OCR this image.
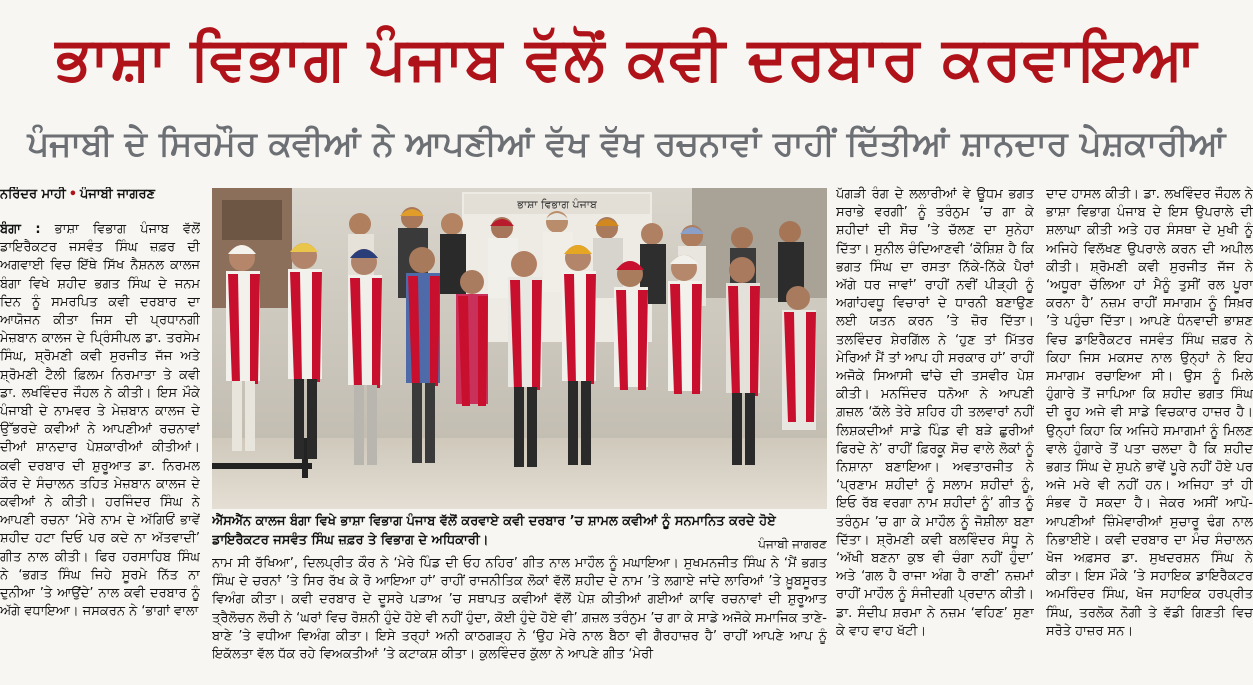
ਭਾਸ਼ਾ ਵਿਭਾਗ ਪੰਜਾਬ ਵੱਲੋਂ ਕਵੀ ਦਰਬਾਰ ਕਰਵਾਇਆ
ਪੰਜਾਬੀ ਦੇ ਸਿਰਮੌਰ ਕਵੀਆਂ ਨੇ ਆਪਣੀਆਂ ਵੱਖ ਵੱਖ ਰਚਨਾਵਾਂ ਰਾਹੀਂ ਦਿੱਤੀਆਂ ਸ਼ਾਨਦਾਰ ਪੇਸ਼ਕਾਰੀਆਂ
ਨਰਿੰਦਰ ਮਾਹੀ • ਪੰਜਾਬੀ ਜਾਗਰਣ

ਬੰਗਾ : ਭਾਸ਼ਾ ਵਿਭਾਗ ਪੰਜਾਬ ਵੱਲੋਂ ਡਾਇਰੈਕਟਰ ਜਸਵੰਤ ਸਿੰਘ ਜ਼ਫ਼ਰ ਦੀ ਅਗਵਾਈ ਵਿਚ ਇੱਥੇ ਸਿੱਖ ਨੈਸ਼ਨਲ ਕਾਲਜ ਬੰਗਾ ਵਿਖੇ ਸ਼ਹੀਦ ਭਗਤ ਸਿੰਘ ਦੇ ਜਨਮ ਦਿਨ ਨੂੰ ਸਮਰਪਿਤ ਕਵੀ ਦਰਬਾਰ ਦਾ ਆਯੋਜਨ ਕੀਤਾ ਜਿਸ ਦੀ ਪ੍ਰਧਾਨਗੀ ਮੇਜ਼ਬਾਨ ਕਾਲਜ ਦੇ ਪ੍ਰਿੰਸੀਪਲ ਡਾ. ਤਰਸੇਮ ਸਿੰਘ, ਸ਼੍ਰੋਮਣੀ ਕਵੀ ਸੁਰਜੀਤ ਜੱਜ ਅਤੇ ਸ਼੍ਰੋਮਣੀ ਟੈਲੀ ਫ਼ਿਲਮ ਨਿਰਮਾਤਾ ਤੇ ਕਵੀ ਡਾ. ਲਖਵਿੰਦਰ ਜੌਹਲ ਨੇ ਕੀਤੀ। ਇਸ ਮੌਕੇ ਪੰਜਾਬੀ ਦੇ ਨਾਮਵਰ ਤੇ ਮੇਜ਼ਬਾਨ ਕਾਲਜ ਦੇ ਉੱਭਰਦੇ ਕਵੀਆਂ ਨੇ ਆਪਣੀਆਂ ਰਚਨਾਵਾਂ ਦੀਆਂ ਸ਼ਾਨਦਾਰ ਪੇਸ਼ਕਾਰੀਆਂ ਕੀਤੀਆਂ। ਕਵੀ ਦਰਬਾਰ ਦੀ ਸ਼ੁਰੂਆਤ ਡਾ. ਨਿਰਮਲ ਕੌਰ ਦੇ ਸੰਚਾਲਨ ਤਹਿਤ ਮੇਜ਼ਬਾਨ ਕਾਲਜ ਦੇ ਕਵੀਆਂ ਨੇ ਕੀਤੀ। ਹਰਜਿੰਦਰ ਸਿੰਘ ਨੇ ਆਪਣੀ ਰਚਨਾ ‘ਮੇਰੇ ਨਾਮ ਦੇ ਅੱਗਿਓਂ ਭਾਵੇਂ ਸ਼ਹੀਦ ਹਟਾ ਦਿਓ ਪਰ ਕਦੇ ਨਾ ਅੱਤਵਾਦੀ’ ਗੀਤ ਨਾਲ ਕੀਤੀ। ਫਿਰ ਹਰਸਾਹਿਬ ਸਿੰਘ ਨੇ ‘ਭਗਤ ਸਿੰਘ ਜਿਹੇ ਸੂਰਮੇ ਨਿੱਤ ਨਾ ਦੁਨੀਆ ’ਤੇ ਆਉਂਦੇ’ ਨਾਲ ਕਵੀ ਦਰਬਾਰ ਨੂੰ ਅੱਗੇ ਵਧਾਇਆ। ਜਸਕਰਨ ਨੇ ‘ਭਾਗਾਂ ਵਾਲਾ

ਭਾਸ਼ਾ ਵਿਭਾਗ ਪੰਜਾਬ
ਐੱਸਐੱਨ ਕਾਲਜ ਬੰਗਾ ਵਿਖੇ ਭਾਸ਼ਾ ਵਿਭਾਗ ਪੰਜਾਬ ਵੱਲੋਂ ਕਰਵਾਏ ਕਵੀ ਦਰਬਾਰ ’ਚ ਸ਼ਾਮਲ ਕਵੀਆਂ ਨੂੰ ਸਨਮਾਨਿਤ ਕਰਦੇ ਹੋਏ ਡਾਇਰੈਕਟਰ ਜਸਵੰਤ ਸਿੰਘ ਜ਼ਫ਼ਰ ਤੇ ਵਿਭਾਗ ਦੇ ਅਧਿਕਾਰੀ।	ਪੰਜਾਬੀ ਜਾਗਰਣ

ਨਾਮ ਸੀ ਰੱਖਿਆ’, ਦਿਲਪ੍ਰੀਤ ਕੌਰ ਨੇ ‘ਮੇਰੇ ਪਿੰਡ ਦੀ ਓਹ ਨਹਿਰ’ ਗੀਤ ਨਾਲ ਮਾਹੌਲ ਨੂੰ ਮਘਾਇਆ। ਸੁਖਮਨਜੀਤ ਸਿੰਘ ਨੇ ‘ਮੈਂ ਭਗਤ ਸਿੰਘ ਦੇ ਚਰਨਾਂ ’ਤੇ ਸਿਰ ਰੱਖ ਕੇ ਰੋ ਆਇਆ ਹਾਂ’ ਰਾਹੀਂ ਰਾਜਨੀਤਿਕ ਲੋਕਾਂ ਵੱਲੋਂ ਸ਼ਹੀਦ ਦੇ ਨਾਮ ’ਤੇ ਲਗਾਏ ਜਾਂਦੇ ਲਾਰਿਆਂ ’ਤੇ ਖ਼ੂਬਸੂਰਤ ਵਿਅੰਗ ਕੀਤਾ। ਕਵੀ ਦਰਬਾਰ ਦੇ ਦੂਸਰੇ ਪੜਾਅ ’ਚ ਸਥਾਪਤ ਕਵੀਆਂ ਵੱਲੋਂ ਪੇਸ਼ ਕੀਤੀਆਂ ਗਈਆਂ ਕਾਵਿ ਰਚਨਾਵਾਂ ਦੀ ਸ਼ੁਰੂਆਤ ਤ੍ਰੈਲੋਚਨ ਲੋਚੀ ਨੇ ‘ਘਰਾਂ ਵਿਚ ਰੋਸ਼ਨੀ ਹੁੰਦੇ ਹੋਏ ਵੀ ਨਹੀਂ ਹੁੰਦਾ, ਕੋਈ ਹੁੰਦੇ ਹੋਏ ਵੀ’ ਗ਼ਜ਼ਲ ਤਰੰਨੁਮ ’ਚ ਗਾ ਕੇ ਸਾਡੇ ਅਜੋਕੇ ਸਮਾਜਿਕ ਤਾਣੇ-ਬਾਣੇ ’ਤੇ ਵਧੀਆ ਵਿਅੰਗ ਕੀਤਾ। ਇਸੇ ਤਰ੍ਹਾਂ ਅਨੀ ਕਾਠਗੜ੍ਹ ਨੇ ‘ਉਹ ਮੇਰੇ ਨਾਲ ਬੈਠਾ ਵੀ ਗੈਰਹਾਜ਼ਰ ਹੈ’ ਰਾਹੀਂ ਆਪਣੇ ਆਪ ਨੂੰ ਇਕੱਲਤਾ ਵੱਲ ਧੱਕ ਰਹੇ ਵਿਅਕਤੀਆਂ ’ਤੇ ਕਟਾਕਸ਼ ਕੀਤਾ। ਕੁਲਵਿੰਦਰ ਕੁੱਲਾ ਨੇ ਆਪਣੇ ਗੀਤ ‘ਮੇਰੀ

ਪੱਗੜੀ ਰੰਗ ਦੇ ਲਲਾਰੀਆਂ ਵੇ ਊਧਮ ਭਗਤ ਸਰਾਭੇ ਵਰਗੀ’ ਨੂੰ ਤਰੰਨੁਮ ’ਚ ਗਾ ਕੇ ਸ਼ਹੀਦਾਂ ਦੀ ਸੋਚ ’ਤੇ ਚੱਲਣ ਦਾ ਸੁਨੇਹਾ ਦਿੱਤਾ। ਸੁਨੀਲ ਚੰਦਿਆਣਵੀ ‘ਕੋਸ਼ਿਸ਼ ਹੈ ਕਿ ਭਗਤ ਸਿੰਘ ਦਾ ਰਸਤਾ ਨਿੱਕੇ-ਨਿੱਕੇ ਪੈਰਾਂ ਅੱਗੇ ਧਰ ਜਾਵਾਂ’ ਰਾਹੀਂ ਨਵੀਂ ਪੀੜ੍ਹੀ ਨੂੰ ਅਗਾਂਹਵਧੂ ਵਿਚਾਰਾਂ ਦੇ ਧਾਰਨੀ ਬਣਾਉਣ ਲਈ ਯਤਨ ਕਰਨ ’ਤੇ ਜ਼ੋਰ ਦਿੱਤਾ। ਤਲਵਿੰਦਰ ਸ਼ੇਰਗਿੱਲ ਨੇ ‘ਹੁਣ ਤਾਂ ਮਿੱਤਰ ਮੇਰਿਆਂ ਮੈਂ ਤਾਂ ਆਪ ਹੀ ਸਰਕਾਰ ਹਾਂ’ ਰਾਹੀਂ ਅਜੋਕੇ ਸਿਆਸੀ ਢਾਂਚੇ ਦੀ ਤਸਵੀਰ ਪੇਸ਼ ਕੀਤੀ। ਮਨਜਿੰਦਰ ਧਨੋਆ ਨੇ ਆਪਣੀ ਗ਼ਜ਼ਲ ‘ਕੱਲੇ ਤੇਰੇ ਸ਼ਹਿਰ ਹੀ ਤਲਵਾਰਾਂ ਨਹੀਂ ਲਿਸ਼ਕਦੀਆਂ ਸਾਡੇ ਪਿੰਡ ਵੀ ਬੜੇ ਛੁਰੀਆਂ ਫਿਰਦੇ ਨੇ’ ਰਾਹੀਂ ਫ਼ਿਰਕੂ ਸੋਚ ਵਾਲੇ ਲੋਕਾਂ ਨੂੰ ਨਿਸ਼ਾਨਾ ਬਣਾਇਆ। ਅਵਤਾਰਜੀਤ ਨੇ ‘ਪ੍ਰਣਾਮ ਸ਼ਹੀਦਾਂ ਨੂੰ ਸਲਾਮ ਸ਼ਹੀਦਾਂ ਨੂੰ, ਇਓ ਰੱਬ ਵਰਗਾ ਨਾਮ ਸ਼ਹੀਦਾਂ ਨੂੰ’ ਗੀਤ ਨੂੰ ਤਰੰਨੁਮ ’ਚ ਗਾ ਕੇ ਮਾਹੌਲ ਨੂੰ ਜੋਸ਼ੀਲਾ ਬਣਾ ਦਿੱਤਾ। ਸ਼੍ਰੋਮਣੀ ਕਵੀ ਬਲਵਿੰਦਰ ਸੰਧੂ ਨੇ ‘ਅੱਖੀ ਬਣਨਾ ਕੁਝ ਵੀ ਚੰਗਾ ਨਹੀਂ ਹੁੰਦਾ’ ਅਤੇ ‘ਗਲ ਹੈ ਰਾਜਾ ਅੰਗ ਹੈ ਰਾਣੀ’ ਨਜ਼ਮਾਂ ਰਾਹੀਂ ਮਾਹੌਲ ਨੂੰ ਸੰਜੀਦਗੀ ਪ੍ਰਦਾਨ ਕੀਤੀ। ਡਾ. ਸੰਦੀਪ ਸ਼ਰਮਾ ਨੇ ਨਜ਼ਮ ‘ਵਹਿਣ’ ਸੁਣਾ ਕੇ ਵਾਹ ਵਾਹ ਖੱਟੀ।

ਦਾਦ ਹਾਸਲ ਕੀਤੀ। ਡਾ. ਲਖਵਿੰਦਰ ਜੌਹਲ ਨੇ ਭਾਸ਼ਾ ਵਿਭਾਗ ਪੰਜਾਬ ਦੇ ਇਸ ਉਪਰਾਲੇ ਦੀ ਸ਼ਲਾਘਾ ਕੀਤੀ ਅਤੇ ਹਰ ਸੰਸਥਾ ਦੇ ਮੁਖੀ ਨੂੰ ਅਜਿਹੇ ਵਿਲੱਖਣ ਉਪਰਾਲੇ ਕਰਨ ਦੀ ਅਪੀਲ ਕੀਤੀ। ਸ਼੍ਰੋਮਣੀ ਕਵੀ ਸੁਰਜੀਤ ਜੱਜ ਨੇ ‘ਅਧੂਰਾ ਚੱਲਿਆ ਹਾਂ ਮੈਨੂੰ ਤੁਸੀਂ ਰਲ ਪੂਰਾ ਕਰਨਾ ਹੈ’ ਨਜ਼ਮ ਰਾਹੀਂ ਸਮਾਗਮ ਨੂੰ ਸਿਖ਼ਰ ’ਤੇ ਪਹੁੰਚਾ ਦਿੱਤਾ। ਆਪਣੇ ਧੰਨਵਾਦੀ ਭਾਸ਼ਣ ਵਿਚ ਡਾਇਰੈਕਟਰ ਜਸਵੰਤ ਸਿੰਘ ਜ਼ਫ਼ਰ ਨੇ ਕਿਹਾ ਜਿਸ ਮਕਸਦ ਨਾਲ ਉਨ੍ਹਾਂ ਨੇ ਇਹ ਸਮਾਗਮ ਰਚਾਇਆ ਸੀ। ਉਸ ਨੂੰ ਮਿਲੇ ਹੁੰਗਾਰੇ ਤੋਂ ਜਾਪਿਆ ਕਿ ਸ਼ਹੀਦ ਭਗਤ ਸਿੰਘ ਦੀ ਰੂਹ ਅਜੇ ਵੀ ਸਾਡੇ ਵਿਚਕਾਰ ਹਾਜ਼ਰ ਹੈ। ਉਨ੍ਹਾਂ ਕਿਹਾ ਕਿ ਅਜਿਹੇ ਸਮਾਗਮਾਂ ਨੂੰ ਮਿਲਣ ਵਾਲੇ ਹੁੰਗਾਰੇ ਤੋਂ ਪਤਾ ਚਲਦਾ ਹੈ ਕਿ ਸ਼ਹੀਦ ਭਗਤ ਸਿੰਘ ਦੇ ਸੁਪਨੇ ਭਾਵੇਂ ਪੂਰੇ ਨਹੀਂ ਹੋਏ ਪਰ ਅਜੇ ਮਰੇ ਵੀ ਨਹੀਂ ਹਨ। ਅਜਿਹਾ ਤਾਂ ਹੀ ਸੰਭਵ ਹੋ ਸਕਦਾ ਹੈ। ਜੇਕਰ ਅਸੀਂ ਆਪੋ-ਆਪਣੀਆਂ ਜ਼ਿੰਮੇਵਾਰੀਆਂ ਸੁਚਾਰੂ ਢੰਗ ਨਾਲ ਨਿਭਾਈਏ। ਕਵੀ ਦਰਬਾਰ ਦਾ ਮੰਚ ਸੰਚਾਲਨ ਖੋਜ ਅਫ਼ਸਰ ਡਾ. ਸੁਖਦਰਸ਼ਨ ਸਿੰਘ ਨੇ ਕੀਤਾ। ਇਸ ਮੌਕੇ ’ਤੇ ਸਹਾਇਕ ਡਾਇਰੈਕਟਰ ਅਮਰਿੰਦਰ ਸਿੰਘ, ਖੋਜ ਸਹਾਇਕ ਹਰਪ੍ਰੀਤ ਸਿੰਘ, ਤਰਲੋਕ ਨੋਗੀ ਤੇ ਵੱਡੀ ਗਿਣਤੀ ਵਿਚ ਸਰੋਤੇ ਹਾਜ਼ਰ ਸਨ।
